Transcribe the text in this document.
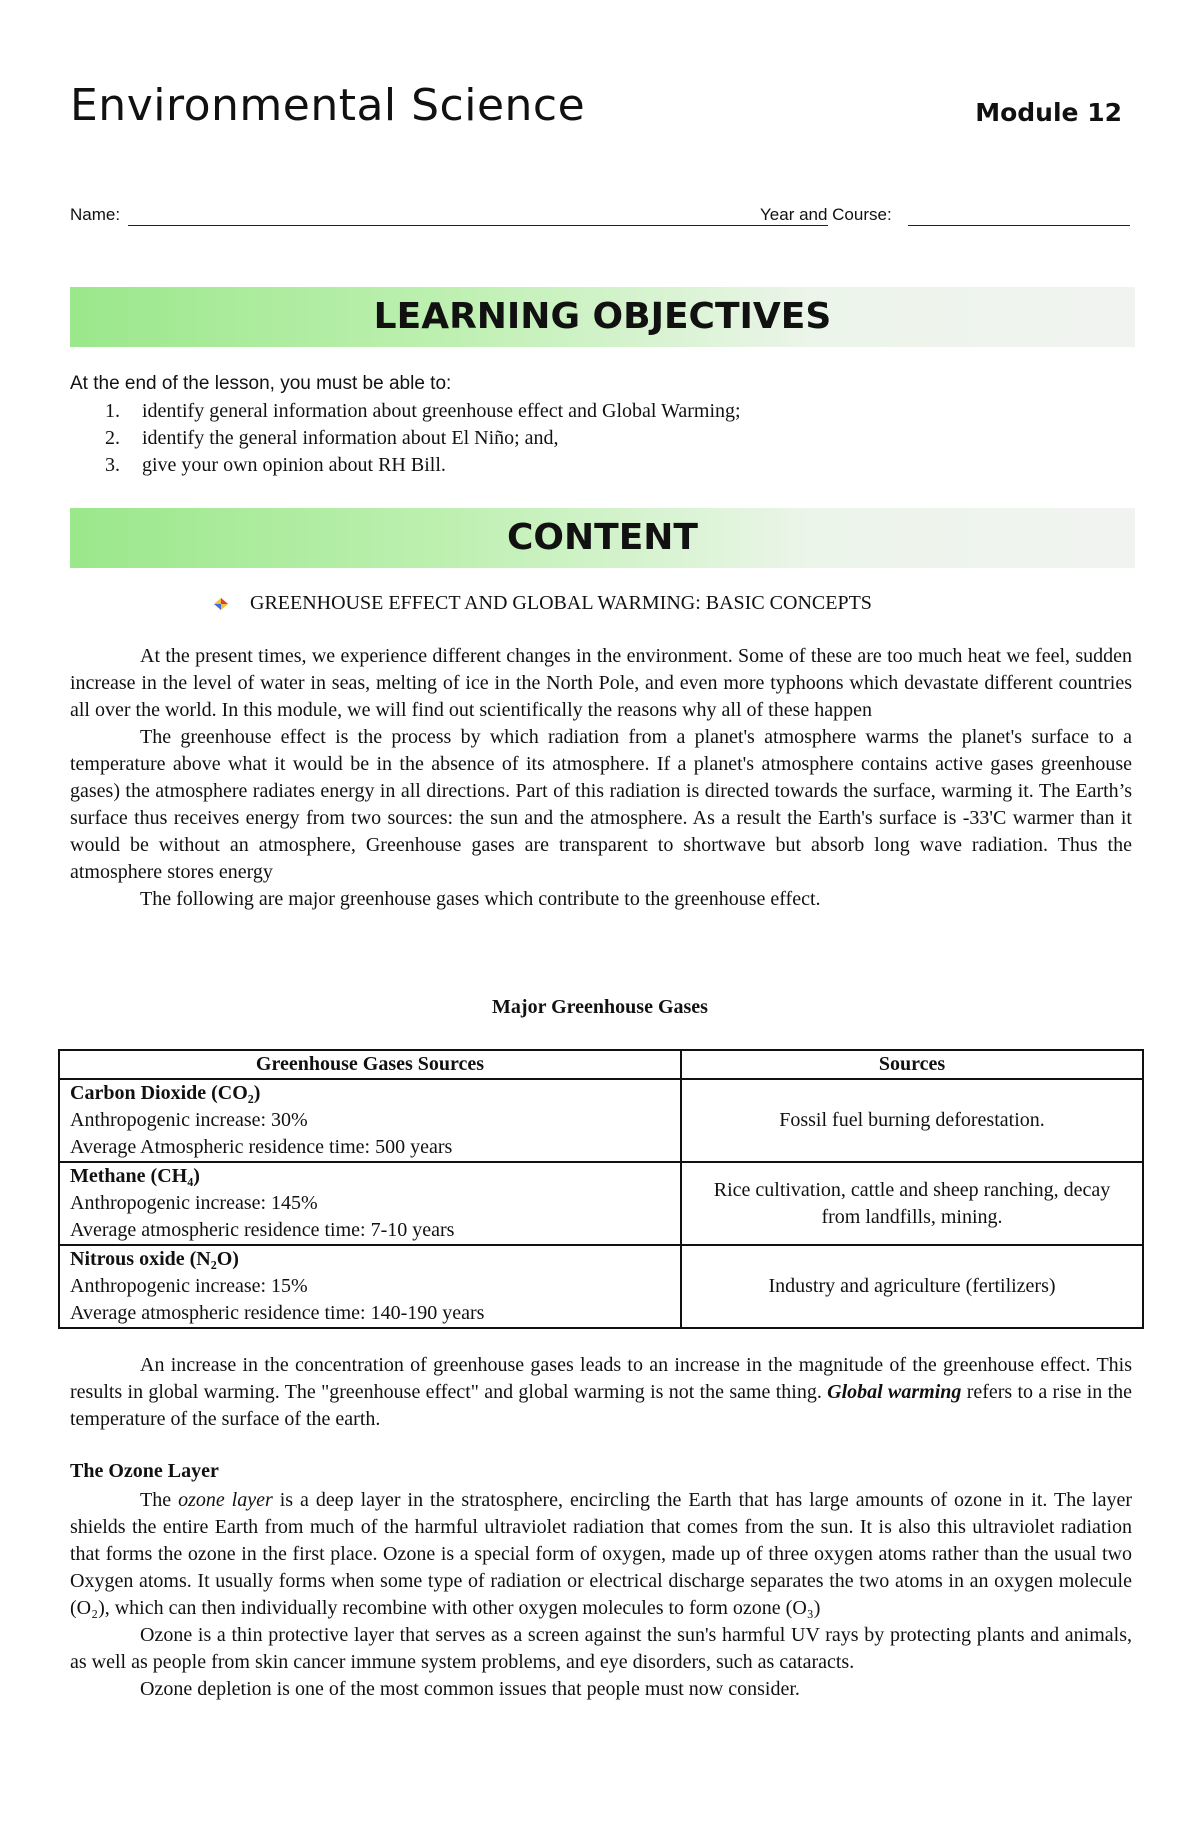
Environmental Science	Module 12
Name:	Year and Course:
LEARNING OBJECTIVES
At the end of the lesson, you must be able to:
1. identify general information about greenhouse effect and Global Warming;
2. identify the general information about El Niño; and,
3. give your own opinion about RH Bill.
CONTENT
GREENHOUSE EFFECT AND GLOBAL WARMING: BASIC CONCEPTS

At the present times, we experience different changes in the environment. Some of these are too much heat we feel, sudden increase in the level of water in seas, melting of ice in the North Pole, and even more typhoons which devastate different countries all over the world. In this module, we will find out scientifically the reasons why all of these happen

The greenhouse effect is the process by which radiation from a planet's atmosphere warms the planet's surface to a temperature above what it would be in the absence of its atmosphere. If a planet's atmosphere contains active gases greenhouse gases) the atmosphere radiates energy in all directions. Part of this radiation is directed towards the surface, warming it. The Earth’s surface thus receives energy from two sources: the sun and the atmosphere. As a result the Earth's surface is -33'C warmer than it would be without an atmosphere, Greenhouse gases are transparent to shortwave but absorb long wave radiation. Thus the atmosphere stores energy

The following are major greenhouse gases which contribute to the greenhouse effect.

Major Greenhouse Gases
Greenhouse Gases Sources	Sources

Carbon Dioxide (CO₂)
Anthropogenic increase: 30%
Average Atmospheric residence time: 500 years	Fossil fuel burning deforestation.

Methane (CH₄)
Anthropogenic increase: 145%
Average atmospheric residence time: 7-10 years	Rice cultivation, cattle and sheep ranching, decay from landfills, mining.

Nitrous oxide (N₂O)
Anthropogenic increase: 15%
Average atmospheric residence time: 140-190 years	Industry and agriculture (fertilizers)

An increase in the concentration of greenhouse gases leads to an increase in the magnitude of the greenhouse effect. This results in global warming. The "greenhouse effect" and global warming is not the same thing. Global warming refers to a rise in the temperature of the surface of the earth.

The Ozone Layer

The ozone layer is a deep layer in the stratosphere, encircling the Earth that has large amounts of ozone in it. The layer shields the entire Earth from much of the harmful ultraviolet radiation that comes from the sun. It is also this ultraviolet radiation that forms the ozone in the first place. Ozone is a special form of oxygen, made up of three oxygen atoms rather than the usual two Oxygen atoms. It usually forms when some type of radiation or electrical discharge separates the two atoms in an oxygen molecule (O₂), which can then individually recombine with other oxygen molecules to form ozone (O₃)

Ozone is a thin protective layer that serves as a screen against the sun's harmful UV rays by protecting plants and animals, as well as people from skin cancer immune system problems, and eye disorders, such as cataracts.

Ozone depletion is one of the most common issues that people must now consider.
